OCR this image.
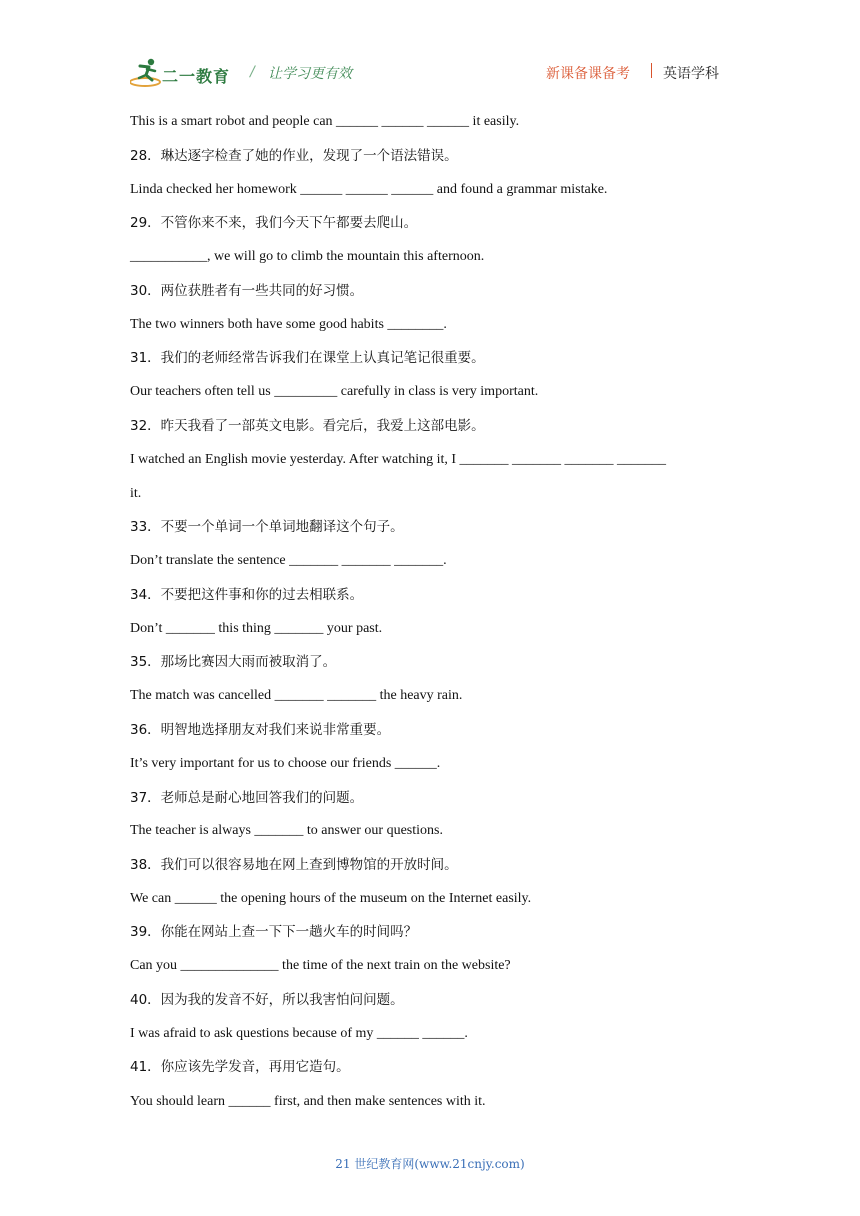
二一教育 / 让学习更有效	新课备课备考 英语学科
This is a smart robot and people can ______ ______ ______ it easily.
28．琳达逐字检查了她的作业，发现了一个语法错误。
Linda checked her homework ______ ______ ______ and found a grammar mistake.
29．不管你来不来，我们今天下午都要去爬山。
___________, we will go to climb the mountain this afternoon.
30．两位获胜者有一些共同的好习惯。
The two winners both have some good habits ________.
31．我们的老师经常告诉我们在课堂上认真记笔记很重要。
Our teachers often tell us _________ carefully in class is very important.
32．昨天我看了一部英文电影。看完后，我爱上这部电影。
I watched an English movie yesterday. After watching it, I _______ _______ _______ _______
it.
33．不要一个单词一个单词地翻译这个句子。
Don’t translate the sentence _______ _______ _______.
34．不要把这件事和你的过去相联系。
Don’t _______ this thing _______ your past.
35．那场比赛因大雨而被取消了。
The match was cancelled _______ _______ the heavy rain.
36．明智地选择朋友对我们来说非常重要。
It’s very important for us to choose our friends ______.
37．老师总是耐心地回答我们的问题。
The teacher is always _______ to answer our questions.
38．我们可以很容易地在网上查到博物馆的开放时间。
We can ______ the opening hours of the museum on the Internet easily.
39．你能在网站上查一下下一趟火车的时间吗？
Can you ______________ the time of the next train on the website?
40．因为我的发音不好，所以我害怕问问题。
I was afraid to ask questions because of my ______ ______.
41．你应该先学发音，再用它造句。
You should learn ______ first, and then make sentences with it.
21 世纪教育网(www.21cnjy.com)
